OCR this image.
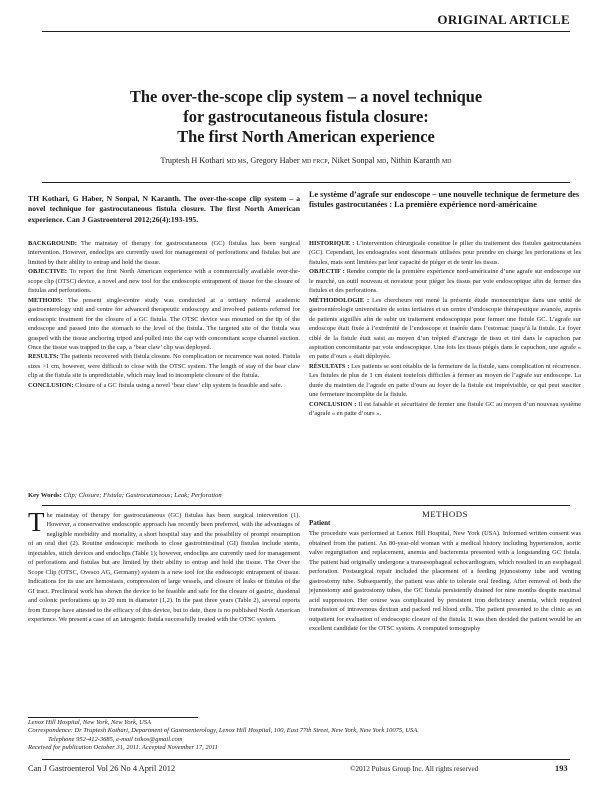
ORIGINAL ARTICLE
The over-the-scope clip system – a novel technique
for gastrocutaneous fistula closure:
The first North American experience
Truptesh H Kothari MD MS, Gregory Haber MD FRCP, Niket Sonpal MD, Nithin Karanth MD
TH Kothari, G Haber, N Sonpal, N Karanth. The over-the-scope clip system – a novel technique for gastrocutaneous fistula closure. The first North American experience. Can J Gastroenterol 2012;26(4):193-195.

BACKGROUND: The mainstay of therapy for gastrocutaneous (GC) fistulas has been surgical intervention. However, endoclips are currently used for management of perforations and fistulas but are limited by their ability to entrap and hold the tissue.

OBJECTIVE: To report the first North American experience with a commercially available over-the-scope clip (OTSC) device, a novel and new tool for the endoscopic entrapment of tissue for the closure of fistulas and perforations.

METHODS: The present single-centre study was conducted at a tertiary referral academic gastroenterology unit and centre for advanced therapeutic endoscopy and involved patients referred for endoscopic treatment for the closure of a GC fistula. The OTSC device was mounted on the tip of the endoscope and passed into the stomach to the level of the fistula. The targeted site of the fistula was grasped with the tissue anchoring tripod and pulled into the cap with concomitant scope channel suction. Once the tissue was trapped in the cap, a ‘bear claw’ clip was deployed.

RESULTS: The patients recovered with fistula closure. No complication or recurrence was noted. Fistula sizes >1 cm, however, were difficult to close with the OTSC system. The length of stay of the bear claw clip at the fistula site is unpredictable, which may lead to incomplete closure of the fistula.

CONCLUSION: Closure of a GC fistula using a novel ‘bear claw’ clip system is feasible and safe.

Key Words: Clip; Closure; Fistula; Gastrocutaneous; Leak; Perforation
Le système d’agrafe sur endoscope – une nouvelle technique de fermeture des fistules gastrocutanées : La première expérience nord-américaine

HISTORIQUE : L’intervention chirurgicale constitue le pilier du traitement des fistules gastrocutanées (GC). Cependant, les endoagrafes sont désormais utilisées pour prendre en charge les perforations et les fistules, mais sont limitées par leur capacité de piéger et de tenir les tissus.

OBJECTIF : Rendre compte de la première expérience nord-américaine d’une agrafe sur endoscope sur le marché, un outil nouveau et novateur pour piéger les tissus par voie endoscopique afin de fermer des fistules et des perforations.

MÉTHODOLOGIE : Les chercheurs ont mené la présente étude monocentrique dans une unité de gastroentérologie universitaire de soins tertiaires et un centre d’endoscopie thérapeutique avancée, auprès de patients aiguillés afin de subir un traitement endoscopique pour fermer une fistule GC. L’agrafe sur endoscope était fixée à l’extrémité de l’endoscope et insérée dans l’estomac jusqu’à la fistule. Le foyer ciblé de la fistule était saisi au moyen d’un trépied d’ancrage de tissu et tiré dans le capuchon par aspiration concomitante par voie endoscopique. Une fois les tissus piégés dans le capuchon, une agrafe « en patte d’ours » était déployée.

RÉSULTATS : Les patients se sont rétablis de la fermeture de la fistule, sans complication ni récurrence. Les fistules de plus de 1 cm étaient toutefois difficiles à fermer au moyen de l’agrafe sur endoscope. La durée du maintien de l’agrafe en patte d’ours au foyer de la fistule est imprévisible, ce qui peut susciter une fermeture incomplète de la fistule.

CONCLUSION : Il est faisable et sécuritaire de fermer une fistule GC au moyen d’un nouveau système d’agrafe « en patte d’ours ».

The mainstay of therapy for gastrocutaneous (GC) fistulas has been surgical intervention (1). However, a conservative endoscopic approach has recently been preferred, with the advantages of negligible morbidity and mortality, a short hospital stay and the possibility of prompt resumption of an oral diet (2). Routine endoscopic methods to close gastrointestinal (GI) fistulas include stents, injectables, stitch devices and endoclips (Table 1); however, endoclips are currently used for management of perforations and fistulas but are limited by their ability to entrap and hold the tissue. The Over the Scope Clip (OTSC, Ovesco AG, Germany) system is a new tool for the endoscopic entrapment of tissue. Indications for its use are hemostasis, compression of large vessels, and closure of leaks or fistulas of the GI tract. Preclinical work has shown the device to be feasible and safe for the closure of gastric, duodenal and colonic perforations up to 20 mm in diameter (1,2). In the past three years (Table 2), several reports from Europe have attested to the efficacy of this device, but to date, there is no published North American experience. We present a case of an iatrogenic fistula successfully treated with the OTSC system.
METHODS
Patient

The procedure was performed at Lenox Hill Hospital, New York (USA). Informed written consent was obtained from the patient. An 80-year-old woman with a medical history including hypertension, aortic valve regurgitation and replacement, anemia and bacteremia presented with a longstanding GC fistula. The patient had originally undergone a transesophageal echocardiogram, which resulted in an esophageal perforation. Postsurgical repair included the placement of a feeding jejunostomy tube and venting gastrostomy tube. Subsequently, the patient was able to tolerate oral feeding. After removal of both the jejunostomy and gastrostomy tubes, the GC fistula persistently drained for nine months despite maximal acid suppression. Her course was complicated by persistent iron deficiency anemia, which required transfusion of intravenous dextran and packed red blood cells. The patient presented to the clinic as an outpatient for evaluation of endoscopic closure of the fistula. It was then decided the patient would be an excellent candidate for the OTSC system. A computed tomography

Lenox Hill Hospital, New York, New York, USA
Correspondence: Dr Truptesh Kothari, Department of Gastroenterology, Lenox Hill Hospital, 100, East 77th Street, New York, New York 10075, USA.
Telephone 952-412-3685, e-mail tsikos@gmail.com
Received for publication October 31, 2011. Accepted November 17, 2011
Can J Gastroenterol Vol 26 No 4 April 2012	©2012 Pulsus Group Inc. All rights reserved	193
